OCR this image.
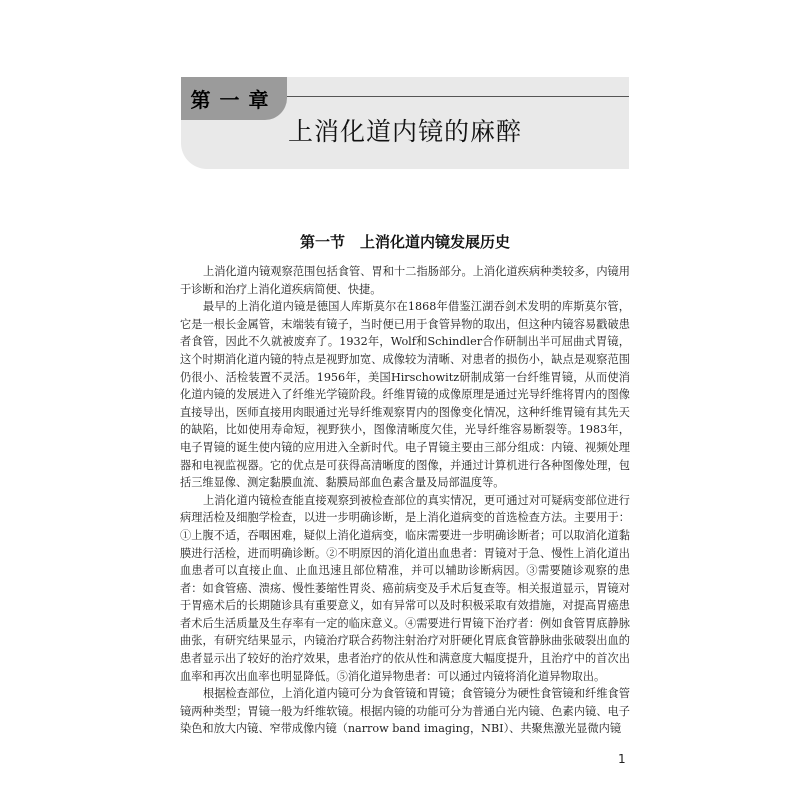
第一章
上消化道内镜的麻醉
第一节　上消化道内镜发展历史

上消化道内镜观察范围包括食管、胃和十二指肠部分。上消化道疾病种类较多，内镜用于诊断和治疗上消化道疾病简便、快捷。

最早的上消化道内镜是德国人库斯莫尔在1868年借鉴江湖吞剑术发明的库斯莫尔管，它是一根长金属管，末端装有镜子，当时便已用于食管异物的取出，但这种内镜容易戳破患者食管，因此不久就被废弃了。1932年，Wolf和Schindler合作研制出半可屈曲式胃镜，这个时期消化道内镜的特点是视野加宽、成像较为清晰、对患者的损伤小，缺点是观察范围仍很小、活检装置不灵活。1956年，美国Hirschowitz研制成第一台纤维胃镜，从而使消化道内镜的发展进入了纤维光学镜阶段。纤维胃镜的成像原理是通过光导纤维将胃内的图像直接导出，医师直接用肉眼通过光导纤维观察胃内的图像变化情况，这种纤维胃镜有其先天的缺陷，比如使用寿命短，视野狭小，图像清晰度欠佳，光导纤维容易断裂等。1983年，电子胃镜的诞生使内镜的应用进入全新时代。电子胃镜主要由三部分组成：内镜、视频处理器和电视监视器。它的优点是可获得高清晰度的图像，并通过计算机进行各种图像处理，包括三维显像、测定黏膜血流、黏膜局部血色素含量及局部温度等。

上消化道内镜检查能直接观察到被检查部位的真实情况，更可通过对可疑病变部位进行病理活检及细胞学检查，以进一步明确诊断，是上消化道病变的首选检查方法。主要用于：①上腹不适，吞咽困难，疑似上消化道病变，临床需要进一步明确诊断者；可以取消化道黏膜进行活检，进而明确诊断。②不明原因的消化道出血患者：胃镜对于急、慢性上消化道出血患者可以直接止血、止血迅速且部位精准，并可以辅助诊断病因。③需要随诊观察的患者：如食管癌、溃疡、慢性萎缩性胃炎、癌前病变及手术后复查等。相关报道显示，胃镜对于胃癌术后的长期随诊具有重要意义，如有异常可以及时积极采取有效措施，对提高胃癌患者术后生活质量及生存率有一定的临床意义。④需要进行胃镜下治疗者：例如食管胃底静脉曲张，有研究结果显示，内镜治疗联合药物注射治疗对肝硬化胃底食管静脉曲张破裂出血的患者显示出了较好的治疗效果，患者治疗的依从性和满意度大幅度提升，且治疗中的首次出血率和再次出血率也明显降低。⑤消化道异物患者：可以通过内镜将消化道异物取出。

根据检查部位，上消化道内镜可分为食管镜和胃镜；食管镜分为硬性食管镜和纤维食管镜两种类型；胃镜一般为纤维软镜。根据内镜的功能可分为普通白光内镜、色素内镜、电子染色和放大内镜、窄带成像内镜（narrow band imaging，NBI）、共聚焦激光显微内镜

1
